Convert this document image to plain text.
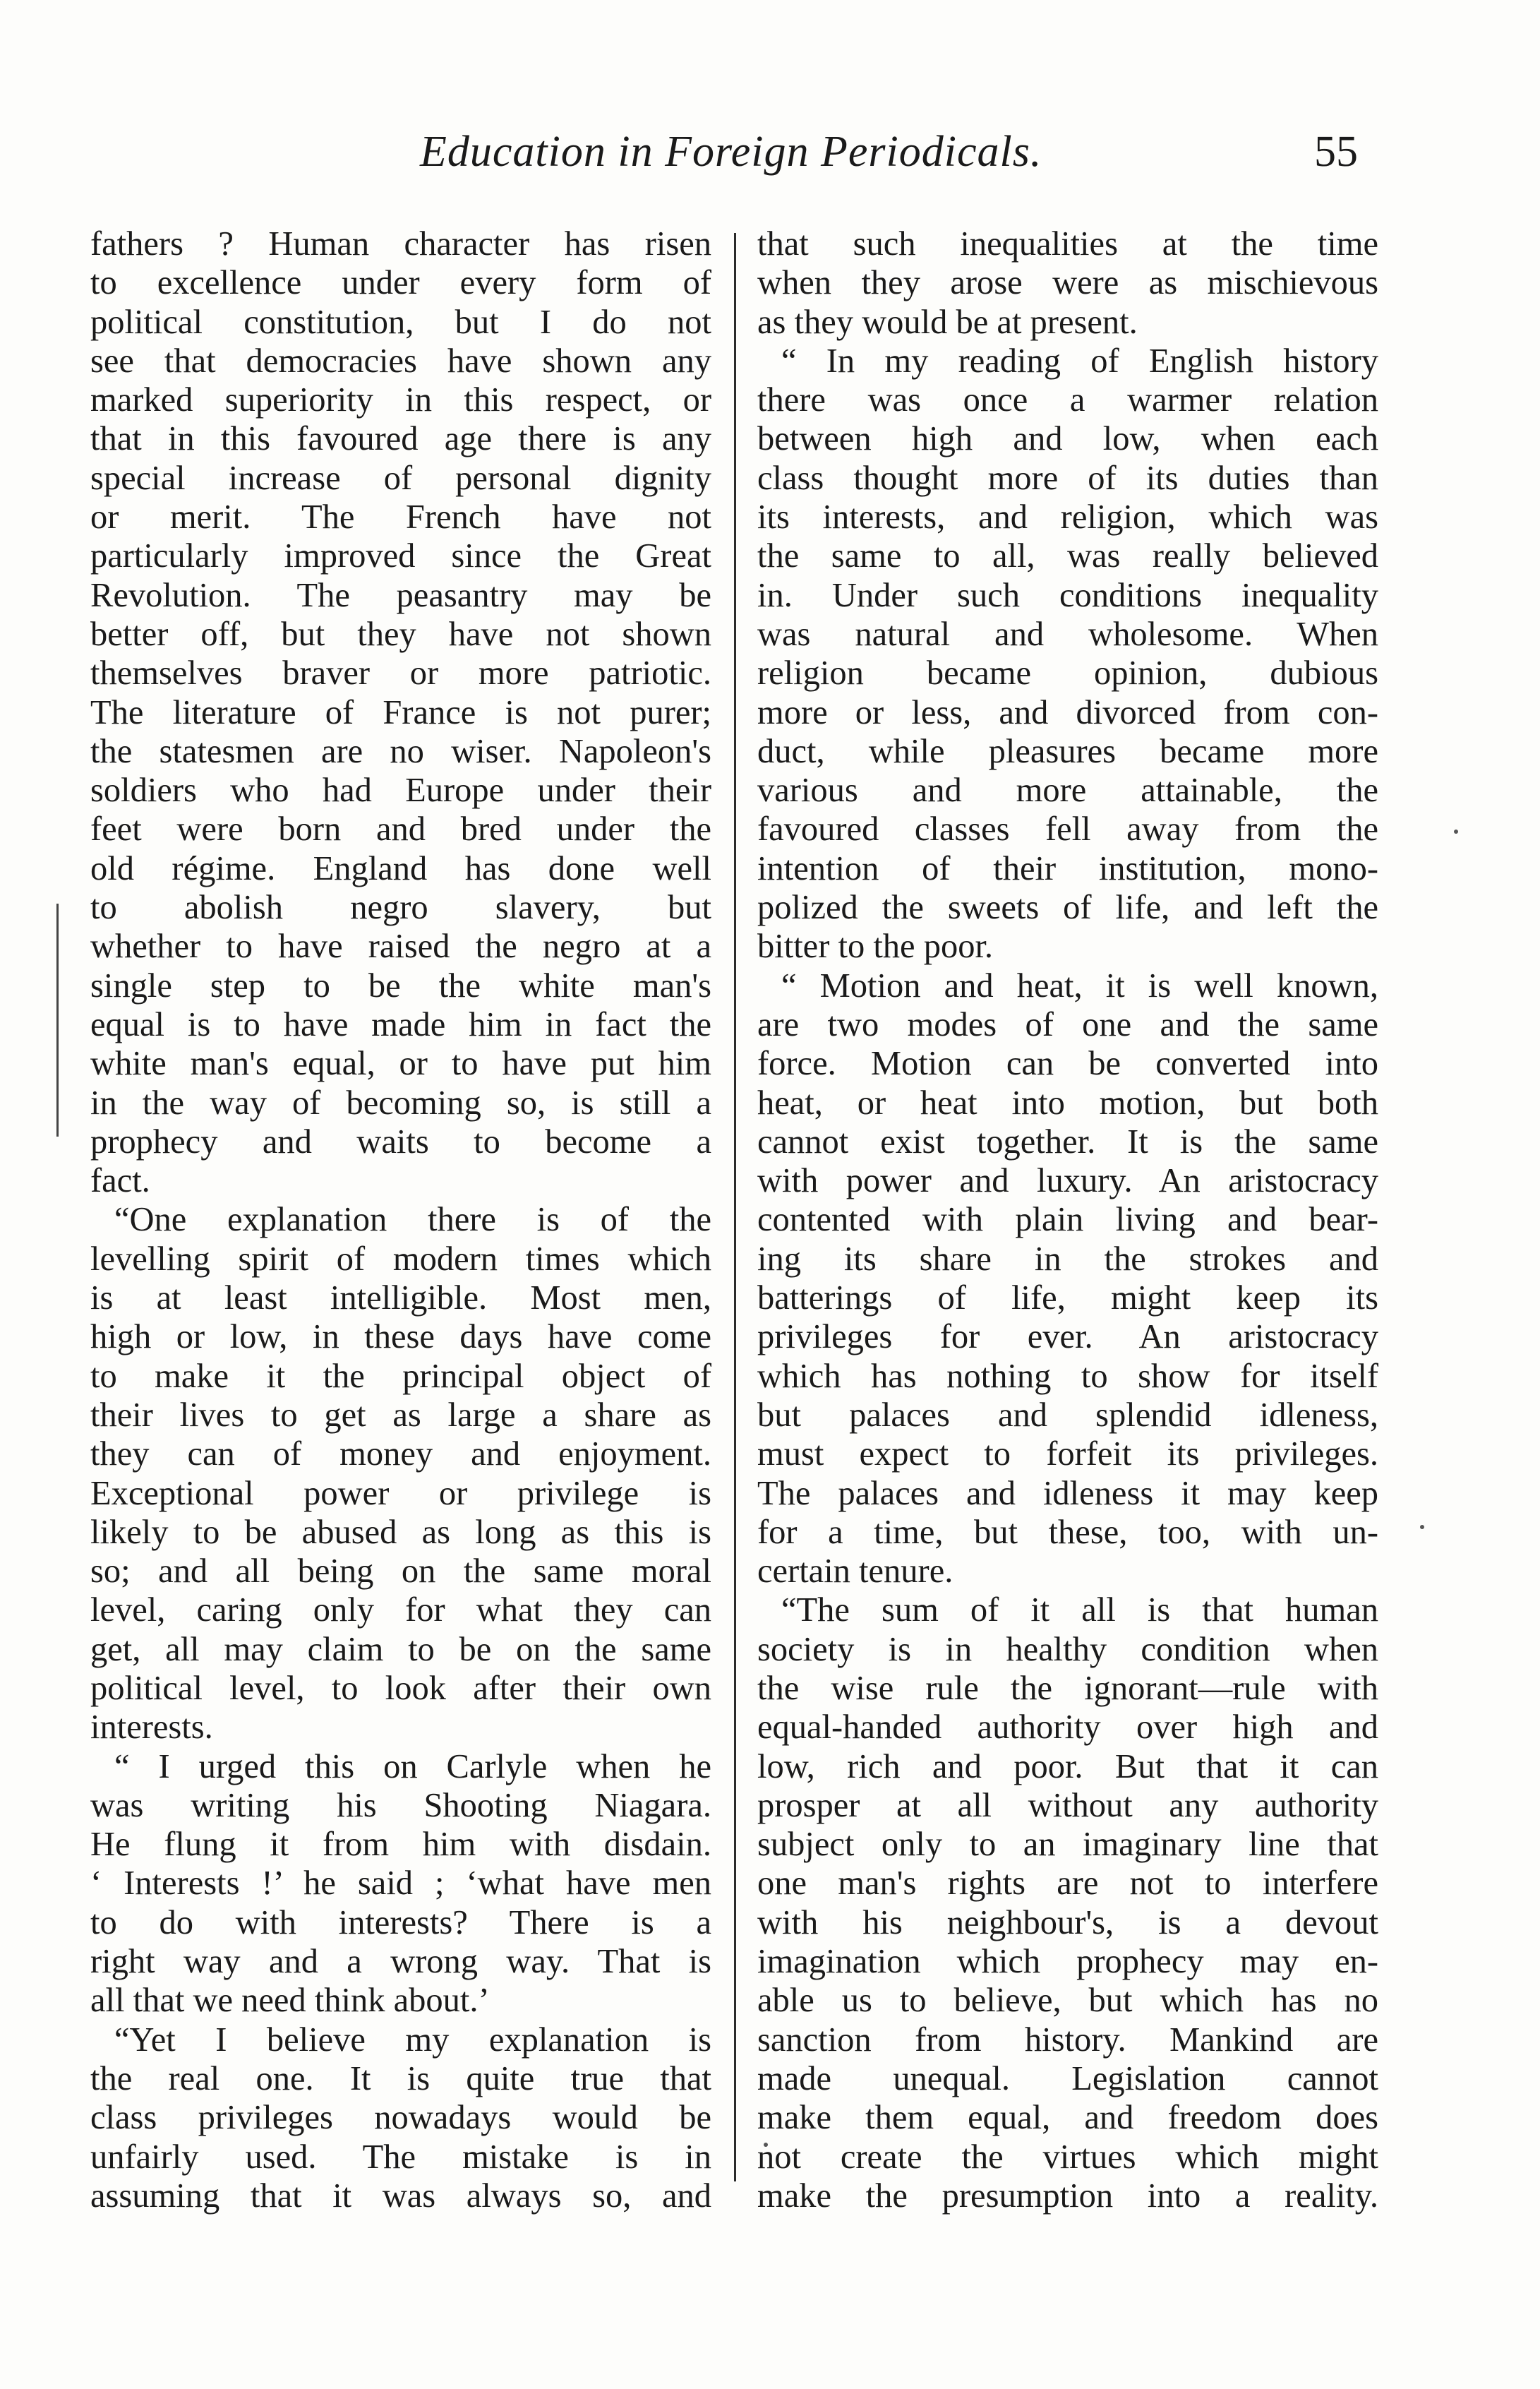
Education in Foreign Periodicals.	55
fathers ? Human character has risen
to excellence under every form of
political constitution, but I do not
see that democracies have shown any
marked superiority in this respect, or
that in this favoured age there is any
special increase of personal dignity
or merit. The French have not
particularly improved since the Great
Revolution. The peasantry may be
better off, but they have not shown
themselves braver or more patriotic.
The literature of France is not purer;
the statesmen are no wiser. Napoleon's
soldiers who had Europe under their
feet were born and bred under the
old régime. England has done well
to abolish negro slavery, but
whether to have raised the negro at a
single step to be the white man's
equal is to have made him in fact the
white man's equal, or to have put him
in the way of becoming so, is still a
prophecy and waits to become a
fact.
“One explanation there is of the
levelling spirit of modern times which
is at least intelligible. Most men,
high or low, in these days have come
to make it the principal object of
their lives to get as large a share as
they can of money and enjoyment.
Exceptional power or privilege is
likely to be abused as long as this is
so; and all being on the same moral
level, caring only for what they can
get, all may claim to be on the same
political level, to look after their own
interests.
“ I urged this on Carlyle when he
was writing his Shooting Niagara.
He flung it from him with disdain.
‘ Interests !’ he said ; ‘what have men
to do with interests? There is a
right way and a wrong way. That is
all that we need think about.’
“Yet I believe my explanation is
the real one. It is quite true that
class privileges nowadays would be
unfairly used. The mistake is in
assuming that it was always so, and
that such inequalities at the time
when they arose were as mischievous
as they would be at present.
“ In my reading of English history
there was once a warmer relation
between high and low, when each
class thought more of its duties than
its interests, and religion, which was
the same to all, was really believed
in. Under such conditions inequality
was natural and wholesome. When
religion became opinion, dubious
more or less, and divorced from con-
duct, while pleasures became more
various and more attainable, the
favoured classes fell away from the
intention of their institution, mono-
polized the sweets of life, and left the
bitter to the poor.
“ Motion and heat, it is well known,
are two modes of one and the same
force. Motion can be converted into
heat, or heat into motion, but both
cannot exist together. It is the same
with power and luxury. An aristocracy
contented with plain living and bear-
ing its share in the strokes and
batterings of life, might keep its
privileges for ever. An aristocracy
which has nothing to show for itself
but palaces and splendid idleness,
must expect to forfeit its privileges.
The palaces and idleness it may keep
for a time, but these, too, with un-
certain tenure.
“The sum of it all is that human
society is in healthy condition when
the wise rule the ignorant—rule with
equal-handed authority over high and
low, rich and poor. But that it can
prosper at all without any authority
subject only to an imaginary line that
one man's rights are not to interfere
with his neighbour's, is a devout
imagination which prophecy may en-
able us to believe, but which has no
sanction from history. Mankind are
made unequal. Legislation cannot
make them equal, and freedom does
not create the virtues which might
make the presumption into a reality.
